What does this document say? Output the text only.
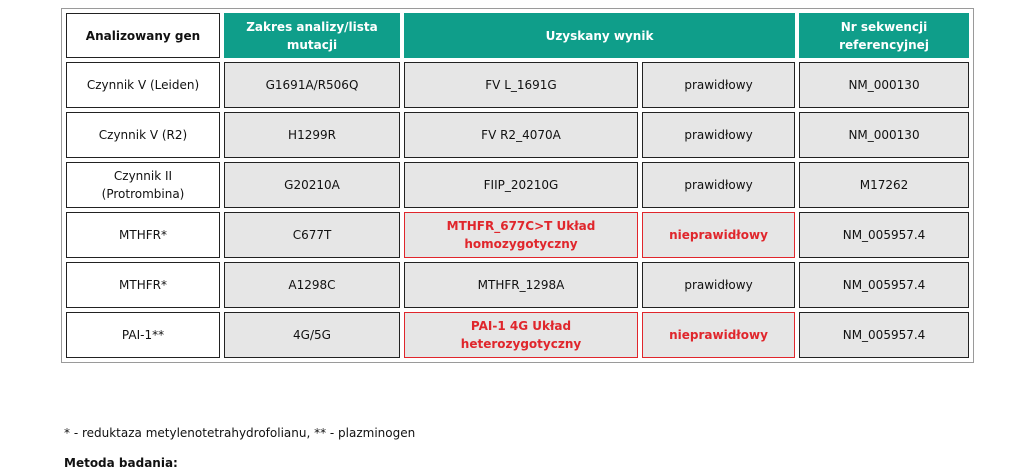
Analizowany gen	Zakres analizy/lista mutacji	Uzyskany wynik		Nr sekwencji referencyjnej
Czynnik V (Leiden)	G1691A/R506Q	FV L_1691G	prawidłowy	NM_000130
Czynnik V (R2)	H1299R	FV R2_4070A	prawidłowy	NM_000130
Czynnik II (Protrombina)	G20210A	FIIP_20210G	prawidłowy	M17262
MTHFR*	C677T	MTHFR_677C>T Układ homozygotyczny	nieprawidłowy	NM_005957.4
MTHFR*	A1298C	MTHFR_1298A	prawidłowy	NM_005957.4
PAI-1**	4G/5G	PAI-1 4G Układ heterozygotyczny	nieprawidłowy	NM_005957.4
* - reduktaza metylenotetrahydrofolianu, ** - plazminogen
Metoda badania:
